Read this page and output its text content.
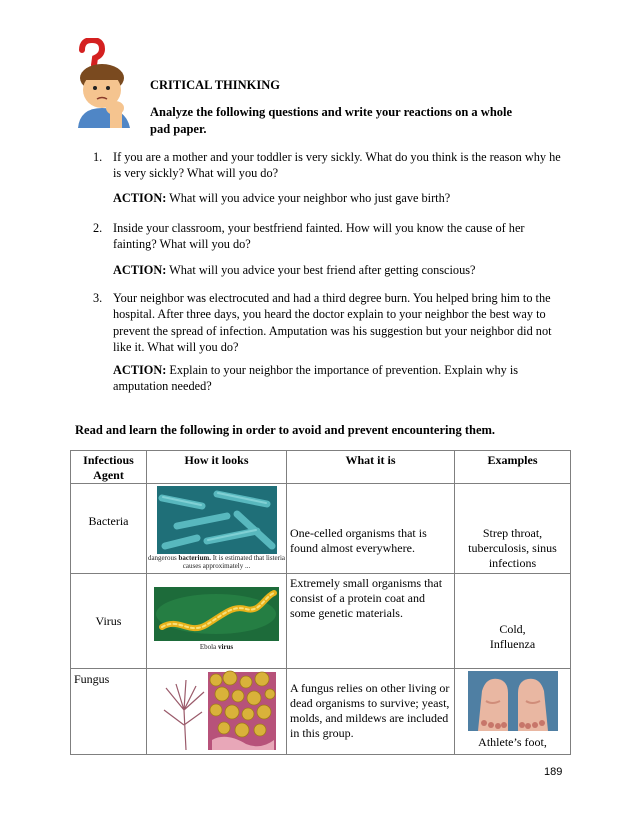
CRITICAL THINKING
Analyze the following questions and write your reactions on a whole pad paper.
1. If you are a mother and your toddler is very sickly. What do you think is the reason why he is very sickly? What will you do?
ACTION: What will you advice your neighbor who just gave birth?
2. Inside your classroom, your bestfriend fainted. How will you know the cause of her fainting? What will you do?
ACTION: What will you advice your best friend after getting conscious?
3. Your neighbor was electrocuted and had a third degree burn. You helped bring him to the hospital. After three days, you heard the doctor explain to your neighbor the best way to prevent the spread of infection. Amputation was his suggestion but your neighbor did not like it. What will you do?
ACTION: Explain to your neighbor the importance of prevention. Explain why is amputation needed?
Read and learn the following in order to avoid and prevent encountering them.
Infectious Agent	How it looks	What it is	Examples
Bacteria	dangerous bacterium. It is estimated that listeria causes approximately ...	One-celled organisms that is found almost everywhere.	Strep throat, tuberculosis, sinus infections
Virus	Ebola virus	Extremely small organisms that consist of a protein coat and some genetic materials.	Cold, Influenza
Fungus		A fungus relies on other living or dead organisms to survive; yeast, molds, and mildews are included in this group.	Athlete’s foot,
189
